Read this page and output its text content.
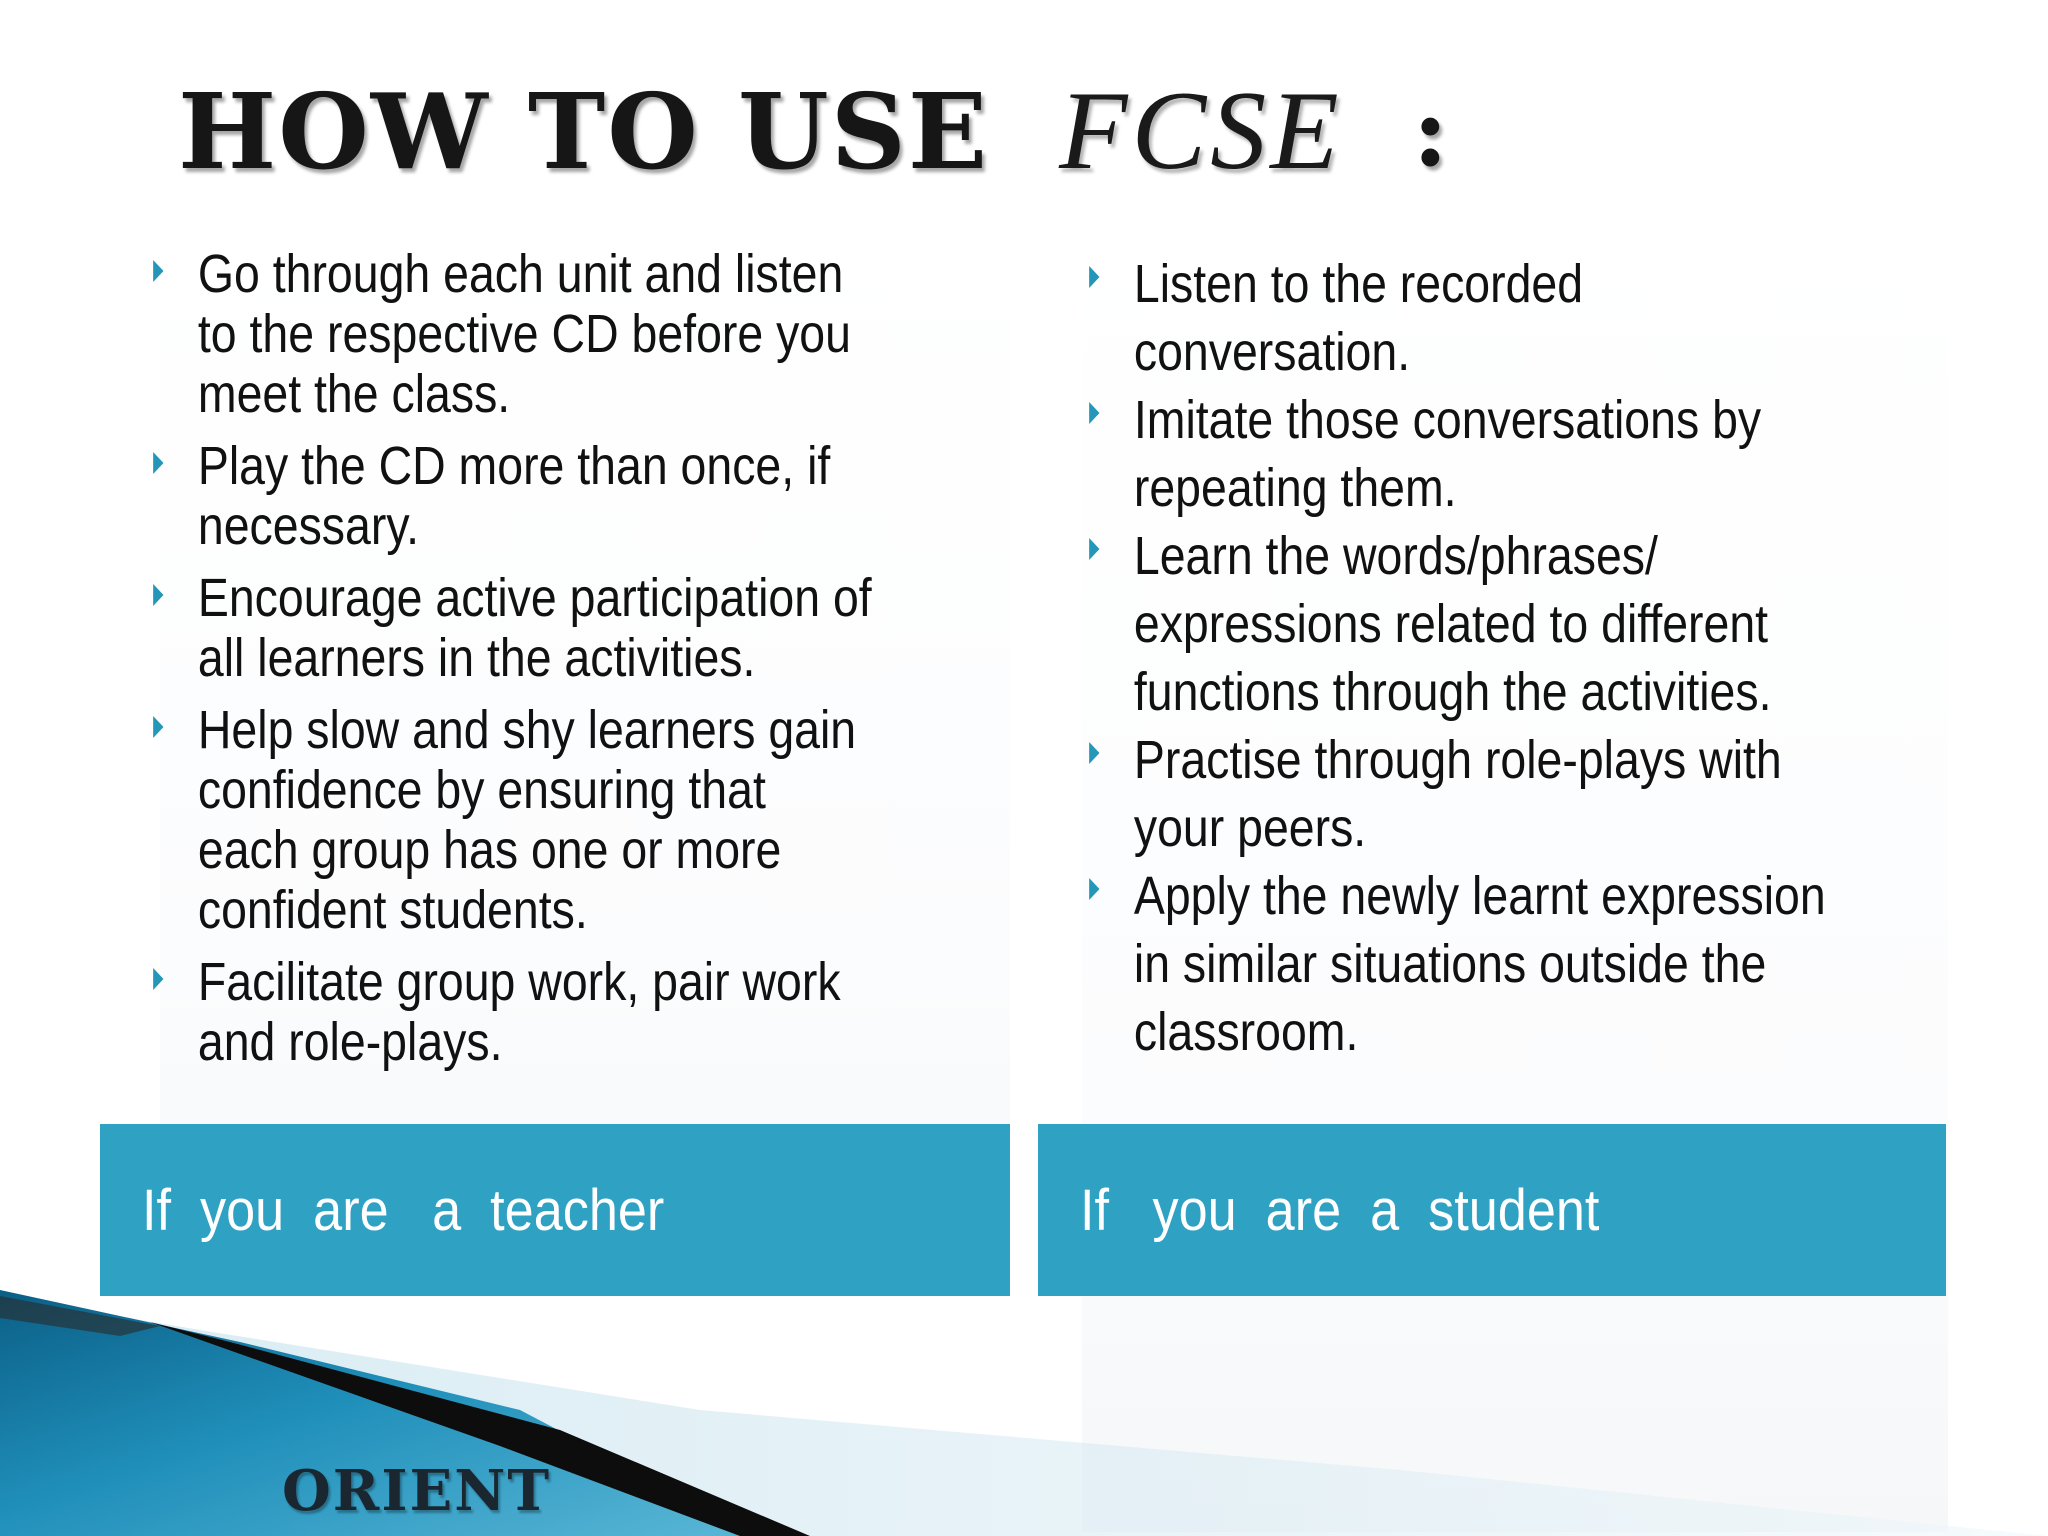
HOW TO USE FCSE :
Go through each unit and listen to the respective CD before you meet the class.
Play the CD more than once, if necessary.
Encourage active participation of all learners in the activities.
Help slow and shy learners gain confidence by ensuring that each group has one or more confident students.
Facilitate group work, pair work and role-plays.
Listen to the recorded conversation.
Imitate those conversations by repeating them.
Learn the words/phrases/ expressions related to different functions through the activities.
Practise through role-plays with your peers.
Apply the newly learnt expression in similar situations outside the classroom.
If  you  are   a  teacher	If   you  are  a  student
ORIENT
